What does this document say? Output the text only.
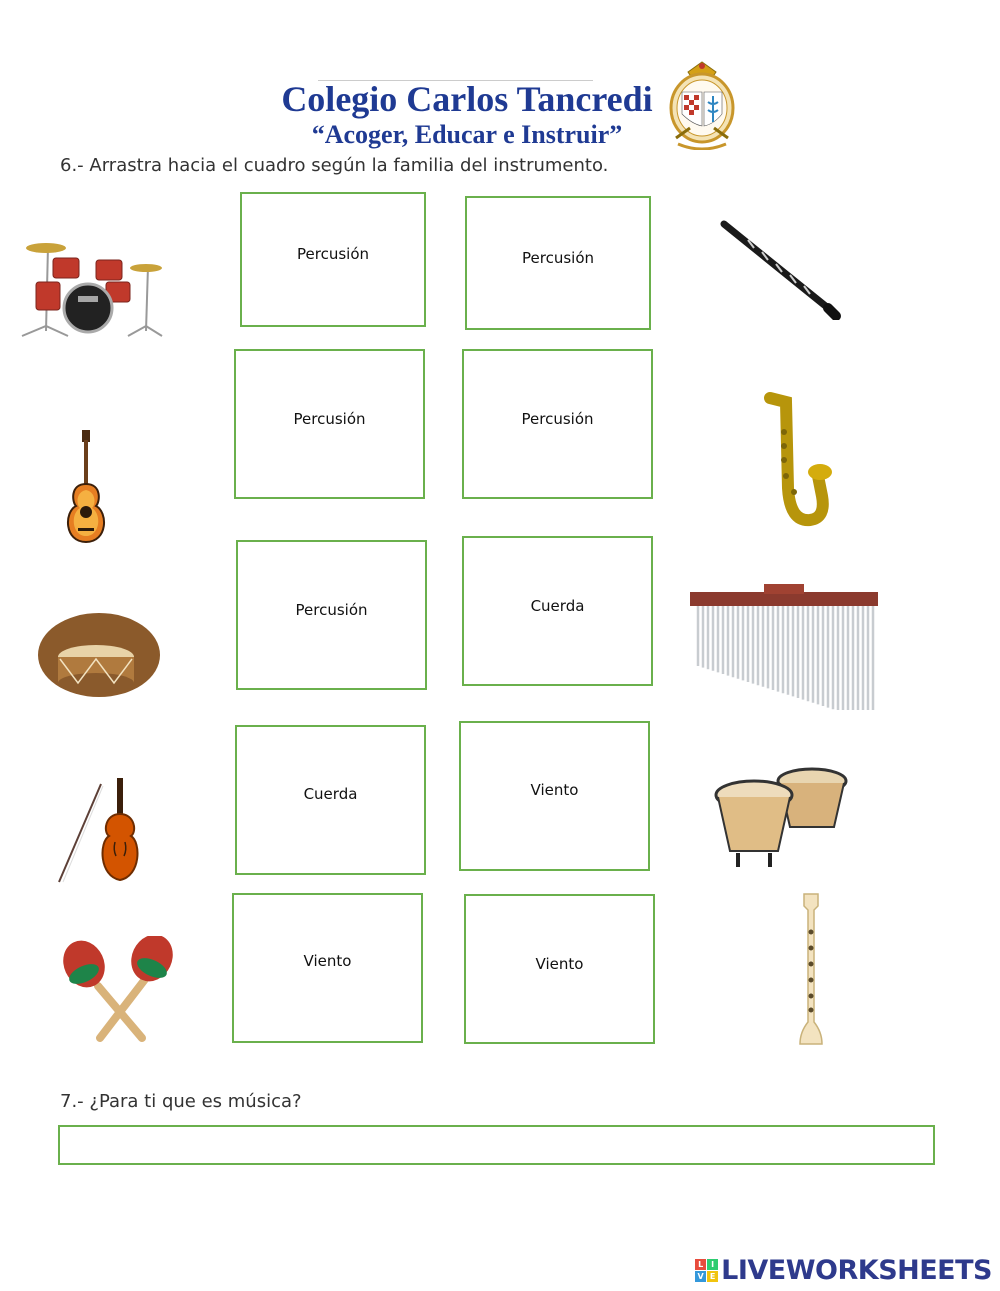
Colegio Carlos Tancredi
“Acoger, Educar e Instruir”
6.- Arrastra hacia el cuadro según la familia del instrumento.
Percusión	Percusión
Percusión	Percusión
Percusión	Cuerda
Cuerda	Viento
Viento	Viento
7.- ¿Para ti que es música?
L I
V E LIVEWORKSHEETS
